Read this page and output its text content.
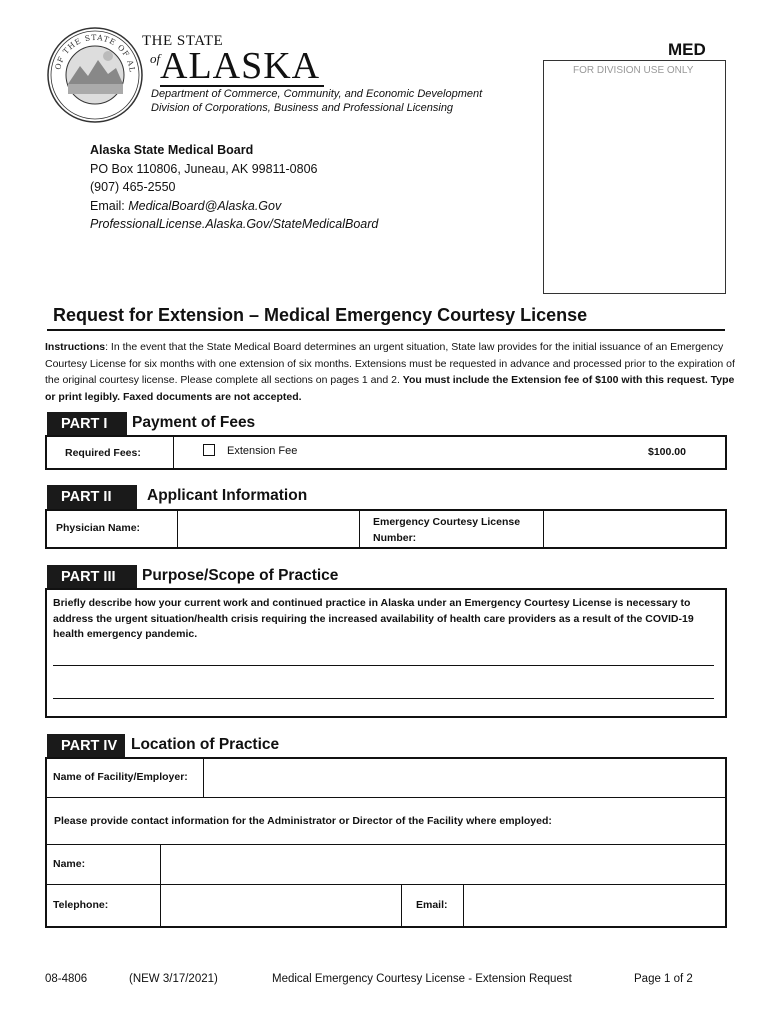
OF THE STATE OF AL
THE STATE
of ALASKA
Department of Commerce, Community, and Economic Development
Division of Corporations, Business and Professional Licensing
MED
FOR DIVISION USE ONLY
Alaska State Medical Board
PO Box 110806, Juneau, AK 99811-0806
(907) 465-2550
Email: MedicalBoard@Alaska.Gov
ProfessionalLicense.Alaska.Gov/StateMedicalBoard
Request for Extension – Medical Emergency Courtesy License
Instructions: In the event that the State Medical Board determines an urgent situation, State law provides for the initial issuance of an Emergency Courtesy License for six months with one extension of six months. Extensions must be requested in advance and processed prior to the expiration of the original courtesy license. Please complete all sections on pages 1 and 2. You must include the Extension fee of $100 with this request. Type or print legibly. Faxed documents are not accepted.
PART I	Payment of Fees
Required Fees:	Extension Fee	$100.00
PART II	Applicant Information
Physician Name:	Emergency Courtesy License
Number:
PART III	Purpose/Scope of Practice
Briefly describe how your current work and continued practice in Alaska under an Emergency Courtesy License is necessary to address the urgent situation/health crisis requiring the increased availability of health care providers as a result of the COVID-19 health emergency pandemic.
PART IV Location of Practice
Name of Facility/Employer:
Please provide contact information for the Administrator or Director of the Facility where employed:
Name:
Telephone:	Email:
08-4806	(NEW 3/17/2021)	Medical Emergency Courtesy License - Extension Request	Page 1 of 2
